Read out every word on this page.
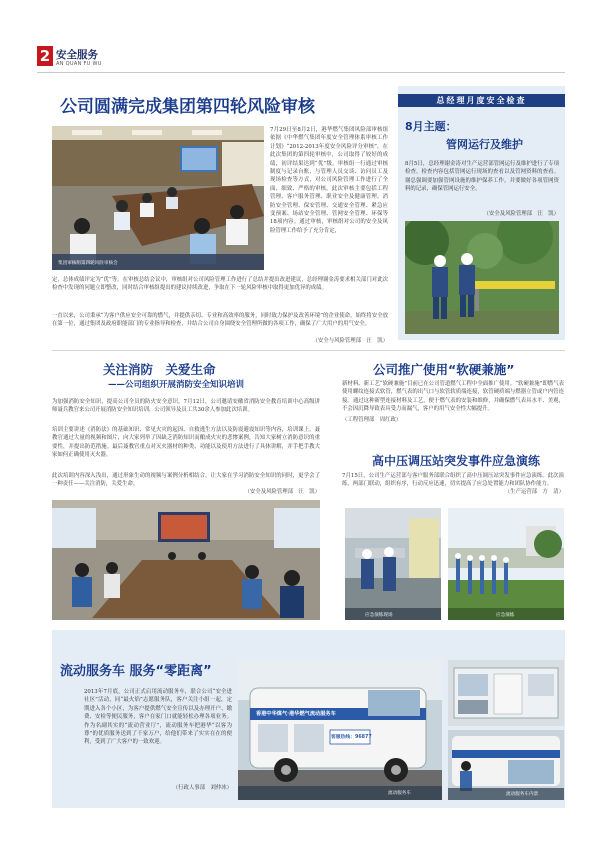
2 安全服务
AN QUAN FU WU
公司圆满完成集团第四轮风险审核
集团审核组第四轮风险审核会
7月29日至8月2日，港华燃气集团风险部审核组依据《中华燃气集团年度安全管理体系审核工作计划》“2012-2013年度安全风险评分审核”，在此次集团的第四轮审核中，公司取得了较好的成绩，初评结果达到“优”级。审核组一行通过审核制度与记录台账、与管理人员交谈、访问员工及现场检查等方式，对公司风险管理工作进行了全面、细致、严格的审核。此次审核主要包括工程管理、客户服务管理、职业安全及健康管理、消防安全管理、保安管理、交通安全管理、紧急应变预案、场站安全管理、管网安全管理、环保等18项内容。通过审核，审核组对公司的安全及风险管理工作给予了充分肯定，
定，总体成绩评定为“优”等。在审核总结会议中，审核组对公司风险管理工作进行了总结并提出改进建议，总经理谢金涛要求相关部门对此次检查中发现的问题立即整改，同时结合审核组提出的建议持续改进，争取在下一轮风险审核中取得更加优异的成绩。
一直以来，公司秉承“为客户供应安全可靠的燃气，并提供亲切、专业和高效率的服务，同时致力保护及改善环境”的企业使命，始终将安全放在第一位，通过集团及政府职能部门的专业指导和检查，并结合公司自身围绕安全管理所做的各项工作，确保了广大用户的用气安全。
（安全与风险管理部　汪　凯）
总经理月度安全检查
8月主题：
管网运行及维护
8月5日，总经理谢金涛对生产运营部管网运行及维护进行了专项检查。检查内容包括管网运行现场的查看以及管网资料的查看。谢总强调要加强管网设施的维护保养工作，并要做好各项管网资料的记录，确保管网运行安全。
（安全及风险管理部　汪　凯）
关注消防　关爱生命
——公司组织开展消防安全知识培训
为加强消防安全知识，提高公司全员的防火安全意识，7月12日，公司邀请安徽省消防安全教育培训中心高级讲师聂兵教官来公司开展消防安全知识培训，公司领导及员工共30余人参加此次培训。
培训主要讲述《消防法》的基础知识、常见火灾的起因、自救逃生方法以及防震避震知识等内容，培训课上，聂教官通过大量的视频和图片，向大家列举了因缺乏消防知识而酿成火灾的悲惨案例，告知大家树立消防意识的重要性，并提出防范措施。最后聂教官重点对灭火器材的种类、功能以及使用方法进行了具体讲解，并手把手教大家如何正确使用灭火器。
此次培训内容深入浅出，通过形象生动的视频与案例分析相结合，让大家在学习消防安全知识的同时，更学会了一种责任——关注消防，关爱生命。
（安全及风险管理部　汪　凯）
公司推广使用“软硬兼施”
新材料、新工艺“软硬兼施”目前已在公司管道燃气工程中全面推广使用。“软硬兼施”即燃气表使用螺纹连接式软管，燃气表的出气口与软管软质端连接，软管硬质端与燃器立管或户内管连接。通过这种新型连接材料及工艺，便于燃气表的安装和维修，并确保燃气表具水平、美观，不会因沉降导致表具受力而漏气，客户的用气安全性大幅提升。
（工程管理部　周红政）
高中压调压站突发事件应急演练
7月15日，公司生产运营部与客户服务部联合组织了高中压调压站突发事件应急演练。此次演练，两部门联动，组织有序，行动反应迅速，切实提高了应急处置能力和团队协作能力。
（生产运营部　方　清）
应急演练现场	应急演练
流动服务车 服务“零距离”
2013年7月底，公司正式启用流动服务车，联合公司“安全进社区”活动，同“最火焰”志愿服务队，客户关注小组一起，定期进入各个小区，为客户提供燃气安全宣传以及办理开户、缴费、安检等便民服务，客户在家门口就能轻松办理各项业务。作为名副其实的“流动营业厅”，流动服务车把港华“以客为尊”的优质服务送到了千家万户，给他们带来了实实在在的便利，受到了广大客户的一致欢迎。
（行政人事部　刘仲冰）
香港中华煤气·港华燃气流动服务车
客服热线：96877
流动服务车	流动服务车内景
